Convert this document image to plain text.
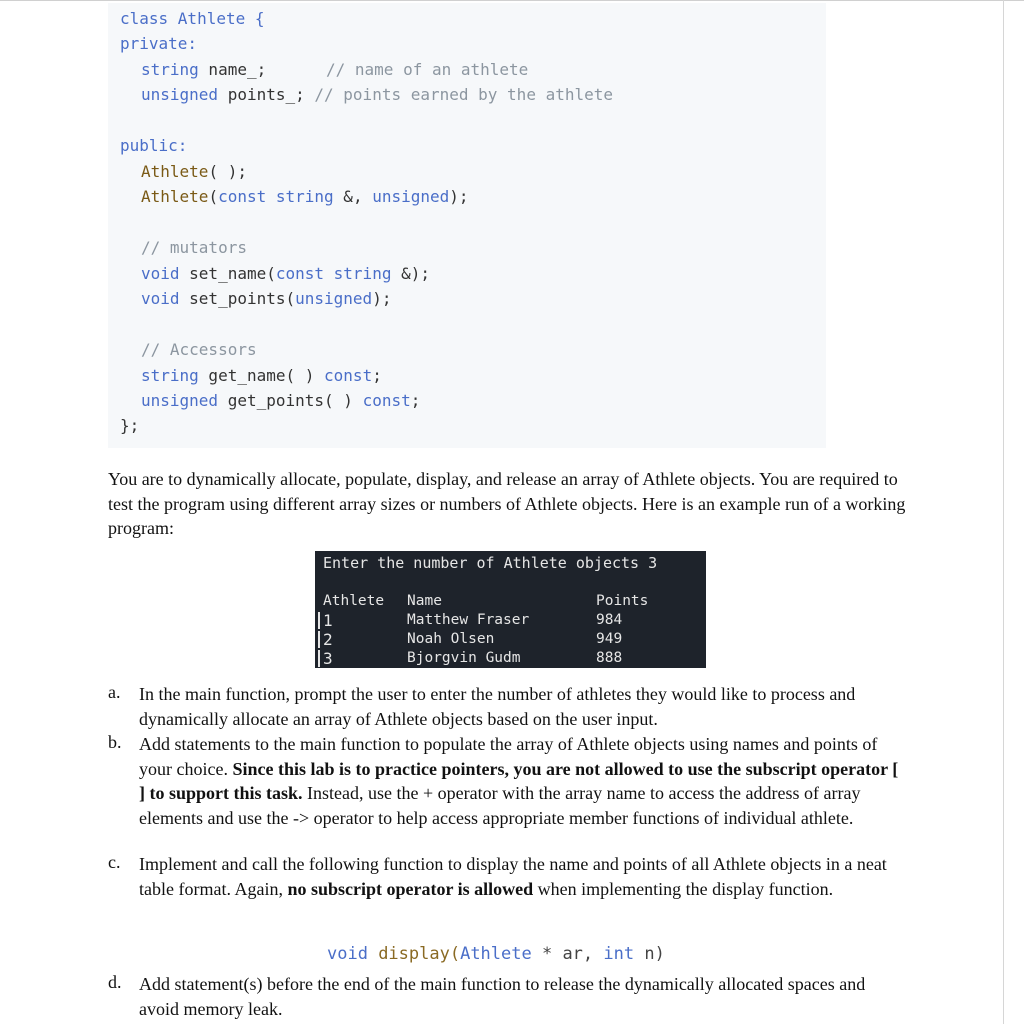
class Athlete {
private:
string name_;	// name of an athlete
unsigned points_; // points earned by the athlete
public:
Athlete( );
Athlete(const string &, unsigned);
// mutators
void set_name(const string &);
void set_points(unsigned);
// Accessors
string get_name( ) const;
unsigned get_points( ) const;
};

You are to dynamically allocate, populate, display, and release an array of Athlete objects. You are required to test the program using different array sizes or numbers of Athlete objects. Here is an example run of a working program:

Enter the number of Athlete objects 3
Athlete Name	Points
1	Matthew Fraser	984
2	Noah Olsen	949
3	Bjorgvin Gudm	888
a. In the main function, prompt the user to enter the number of athletes they would like to process and dynamically allocate an array of Athlete objects based on the user input.

b. Add statements to the main function to populate the array of Athlete objects using names and points of your choice. Since this lab is to practice pointers, you are not allowed to use the subscript operator [ ] to support this task. Instead, use the + operator with the array name to access the address of array elements and use the -> operator to help access appropriate member functions of individual athlete.

c. Implement and call the following function to display the name and points of all Athlete objects in a neat table format. Again, no subscript operator is allowed when implementing the display function.

void display(Athlete * ar, int n)
d. Add statement(s) before the end of the main function to release the dynamically allocated spaces and avoid memory leak.
